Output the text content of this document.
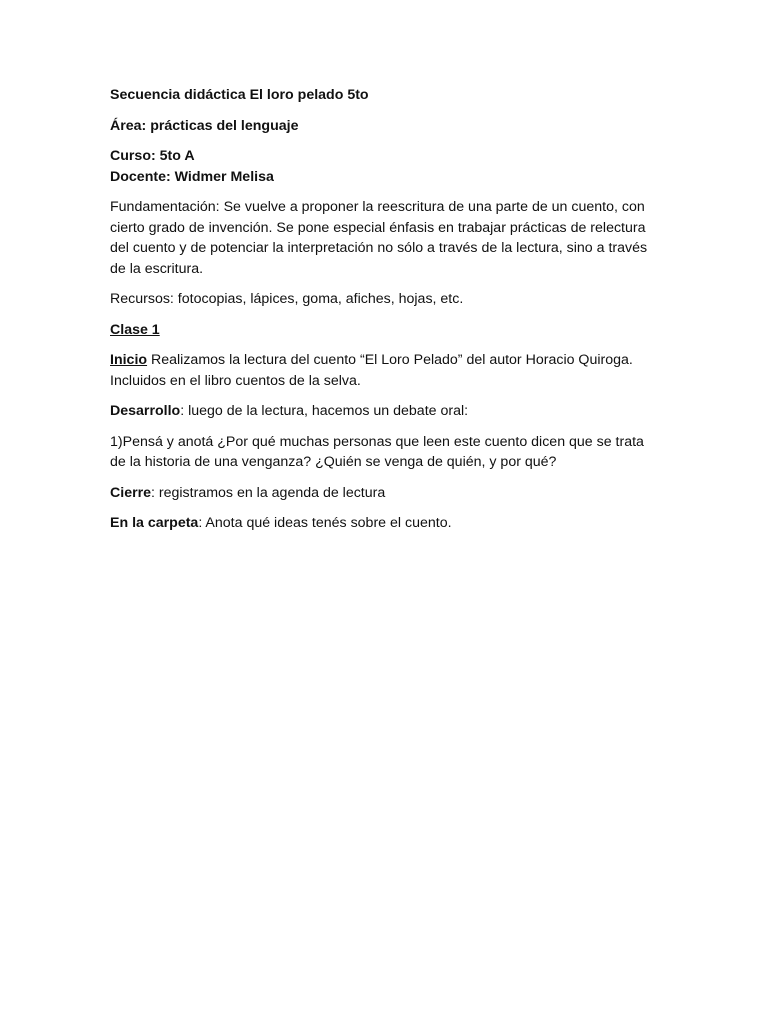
Secuencia didáctica El loro pelado 5to

Área: prácticas del lenguaje

Curso: 5to A

Docente: Widmer Melisa

Fundamentación: Se vuelve a proponer la reescritura de una parte de un cuento, con cierto grado de invención. Se pone especial énfasis en trabajar prácticas de relectura del cuento y de potenciar la interpretación no sólo a través de la lectura, sino a través de la escritura.

Recursos: fotocopias, lápices, goma, afiches, hojas, etc.

Clase 1

Inicio Realizamos la lectura del cuento “El Loro Pelado” del autor Horacio Quiroga. Incluidos en el libro cuentos de la selva.

Desarrollo: luego de la lectura, hacemos un debate oral:

1)Pensá y anotá ¿Por qué muchas personas que leen este cuento dicen que se trata de la historia de una venganza? ¿Quién se venga de quién, y por qué?

Cierre: registramos en la agenda de lectura

En la carpeta: Anota qué ideas tenés sobre el cuento.
